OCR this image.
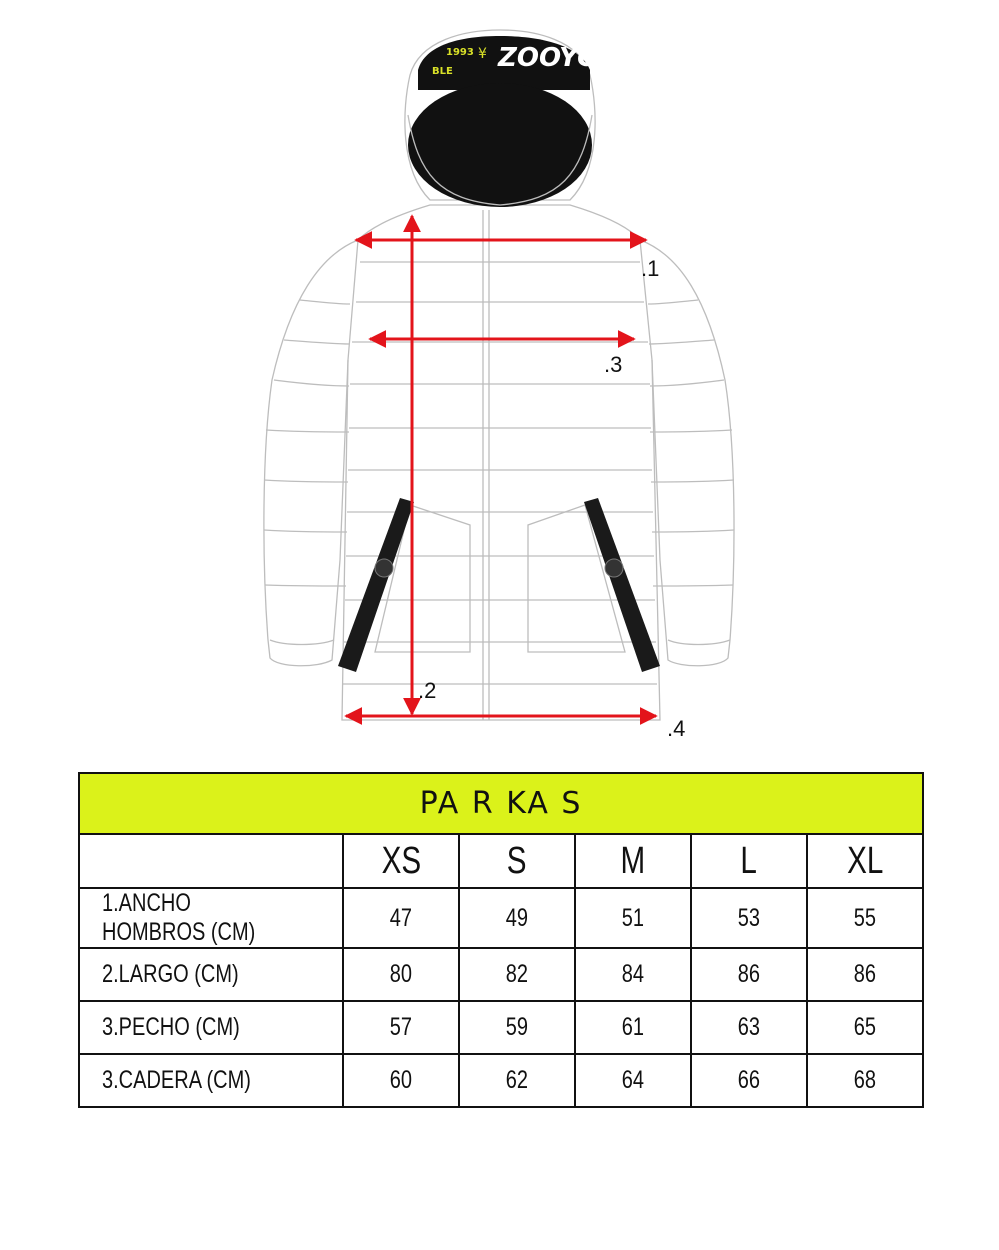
ZOOYO
1993
BLE
¥
.1
.3
.2
.4
PA R KA S					
	XS	S	M	L	XL
1.ANCHO HOMBROS (CM)	47	49	51	53	55
2.LARGO (CM)	80	82	84	86	86
3.PECHO (CM)	57	59	61	63	65
3.CADERA (CM)	60	62	64	66	68
